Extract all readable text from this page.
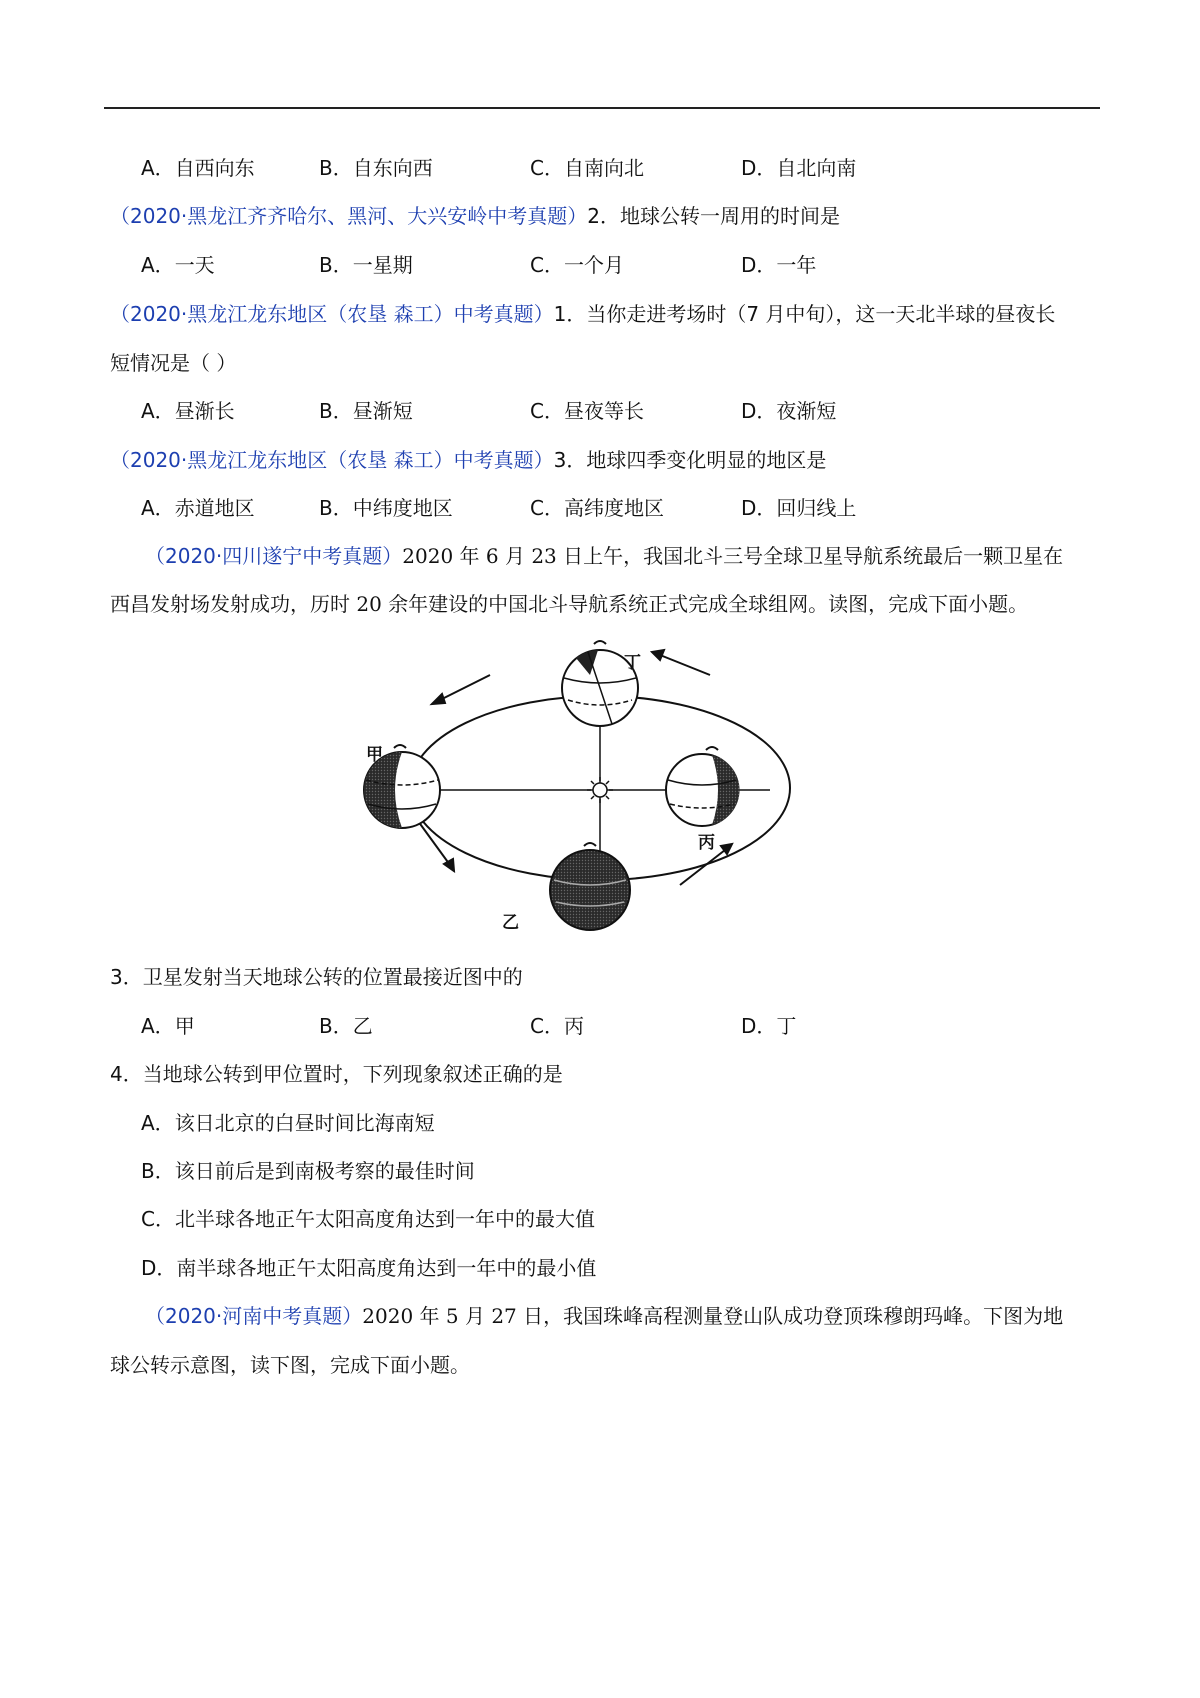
A．自西向东	B．自东向西	C．自南向北	D．自北向南
（2020·黑龙江齐齐哈尔、黑河、大兴安岭中考真题）2．地球公转一周用的时间是
A．一天	B．一星期	C．一个月	D．一年
（2020·黑龙江龙东地区（农垦 森工）中考真题）1．当你走进考场时（7 月中旬），这一天北半球的昼夜长
短情况是（ ）
A．昼渐长	B．昼渐短	C．昼夜等长	D．夜渐短
（2020·黑龙江龙东地区（农垦 森工）中考真题）3．地球四季变化明显的地区是
A．赤道地区	B．中纬度地区	C．高纬度地区	D．回归线上
（2020·四川遂宁中考真题）2020 年 6 月 23 日上午，我国北斗三号全球卫星导航系统最后一颗卫星在
西昌发射场发射成功，历时 20 余年建设的中国北斗导航系统正式完成全球组网。读图，完成下面小题。
甲
丁
丙
乙
3．卫星发射当天地球公转的位置最接近图中的
A．甲	B．乙	C．丙	D．丁
4．当地球公转到甲位置时，下列现象叙述正确的是
A．该日北京的白昼时间比海南短
B．该日前后是到南极考察的最佳时间
C．北半球各地正午太阳高度角达到一年中的最大值
D．南半球各地正午太阳高度角达到一年中的最小值
（2020·河南中考真题）2020 年 5 月 27 日，我国珠峰高程测量登山队成功登顶珠穆朗玛峰。下图为地
球公转示意图，读下图，完成下面小题。
